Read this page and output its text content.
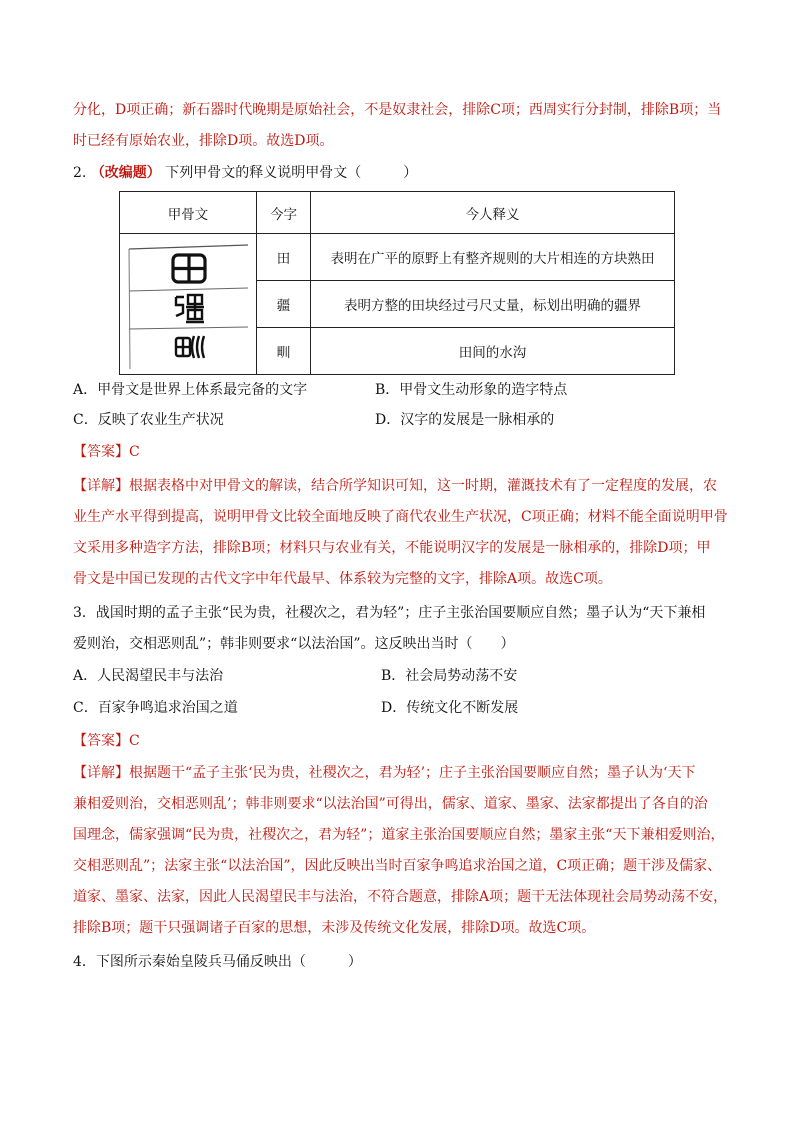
分化，D项正确；新石器时代晚期是原始社会，不是奴隶社会，排除C项；西周实行分封制，排除B项；当
时已经有原始农业，排除D项。故选D项。
2. （改编题） 下列甲骨文的释义说明甲骨文（　　　）
甲骨文	今字	今人释义

	田	表明在广平的原野上有整齐规则的大片相连的方块熟田
	疆	表明方整的田块经过弓尺丈量，标划出明确的疆界
	甽	田间的水沟
A．甲骨文是世界上体系最完备的文字	B．甲骨文生动形象的造字特点
C．反映了农业生产状况	D．汉字的发展是一脉相承的
【答案】C
【详解】根据表格中对甲骨文的解读，结合所学知识可知，这一时期，灌溉技术有了一定程度的发展，农
业生产水平得到提高，说明甲骨文比较全面地反映了商代农业生产状况，C项正确；材料不能全面说明甲骨
文采用多种造字方法，排除B项；材料只与农业有关，不能说明汉字的发展是一脉相承的，排除D项；甲
骨文是中国已发现的古代文字中年代最早、体系较为完整的文字，排除A项。故选C项。
3．战国时期的孟子主张“民为贵，社稷次之，君为轻”；庄子主张治国要顺应自然；墨子认为“天下兼相
爱则治，交相恶则乱”；韩非则要求“以法治国”。这反映出当时（　　）
A．人民渴望民丰与法治	B．社会局势动荡不安
C．百家争鸣追求治国之道	D．传统文化不断发展
【答案】C
【详解】根据题干“孟子主张‘民为贵，社稷次之，君为轻’；庄子主张治国要顺应自然；墨子认为‘天下
兼相爱则治，交相恶则乱’；韩非则要求“以法治国”可得出，儒家、道家、墨家、法家都提出了各自的治
国理念，儒家强调“民为贵，社稷次之，君为轻”；道家主张治国要顺应自然；墨家主张“天下兼相爱则治，
交相恶则乱”；法家主张“以法治国”，因此反映出当时百家争鸣追求治国之道，C项正确；题干涉及儒家、
道家、墨家、法家，因此人民渴望民丰与法治，不符合题意，排除A项；题干无法体现社会局势动荡不安，
排除B项；题干只强调诸子百家的思想，未涉及传统文化发展，排除D项。故选C项。
4．下图所示秦始皇陵兵马俑反映出（　　　）
